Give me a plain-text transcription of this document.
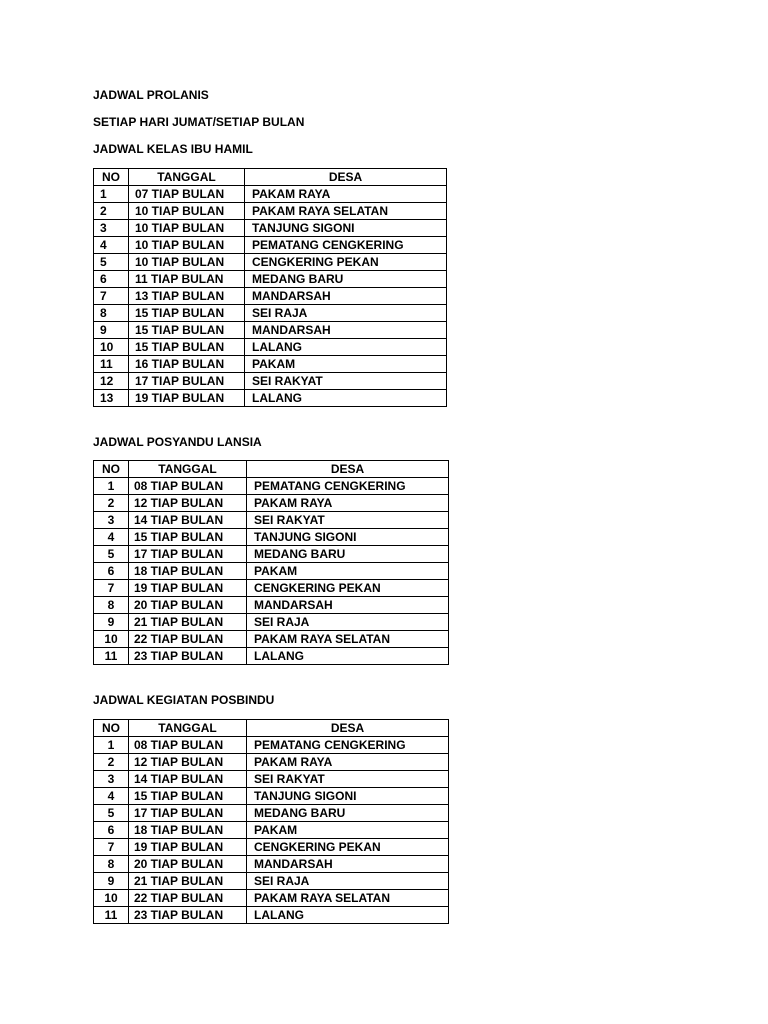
JADWAL PROLANIS
SETIAP HARI JUMAT/SETIAP BULAN
JADWAL KELAS IBU HAMIL
NO	TANGGAL	DESA
1	07 TIAP BULAN	PAKAM RAYA
2	10 TIAP BULAN	PAKAM RAYA SELATAN
3	10 TIAP BULAN	TANJUNG SIGONI
4	10 TIAP BULAN	PEMATANG CENGKERING
5	10 TIAP BULAN	CENGKERING PEKAN
6	11 TIAP BULAN	MEDANG BARU
7	13 TIAP BULAN	MANDARSAH
8	15 TIAP BULAN	SEI RAJA
9	15 TIAP BULAN	MANDARSAH
10	15 TIAP BULAN	LALANG
11	16 TIAP BULAN	PAKAM
12	17 TIAP BULAN	SEI RAKYAT
13	19 TIAP BULAN	LALANG
JADWAL POSYANDU LANSIA
NO	TANGGAL	DESA
1	08 TIAP BULAN	PEMATANG CENGKERING
2	12 TIAP BULAN	PAKAM RAYA
3	14 TIAP BULAN	SEI RAKYAT
4	15 TIAP BULAN	TANJUNG SIGONI
5	17 TIAP BULAN	MEDANG BARU
6	18 TIAP BULAN	PAKAM
7	19 TIAP BULAN	CENGKERING PEKAN
8	20 TIAP BULAN	MANDARSAH
9	21 TIAP BULAN	SEI RAJA
10	22 TIAP BULAN	PAKAM RAYA SELATAN
11	23 TIAP BULAN	LALANG
JADWAL KEGIATAN POSBINDU
NO	TANGGAL	DESA
1	08 TIAP BULAN	PEMATANG CENGKERING
2	12 TIAP BULAN	PAKAM RAYA
3	14 TIAP BULAN	SEI RAKYAT
4	15 TIAP BULAN	TANJUNG SIGONI
5	17 TIAP BULAN	MEDANG BARU
6	18 TIAP BULAN	PAKAM
7	19 TIAP BULAN	CENGKERING PEKAN
8	20 TIAP BULAN	MANDARSAH
9	21 TIAP BULAN	SEI RAJA
10	22 TIAP BULAN	PAKAM RAYA SELATAN
11	23 TIAP BULAN	LALANG
